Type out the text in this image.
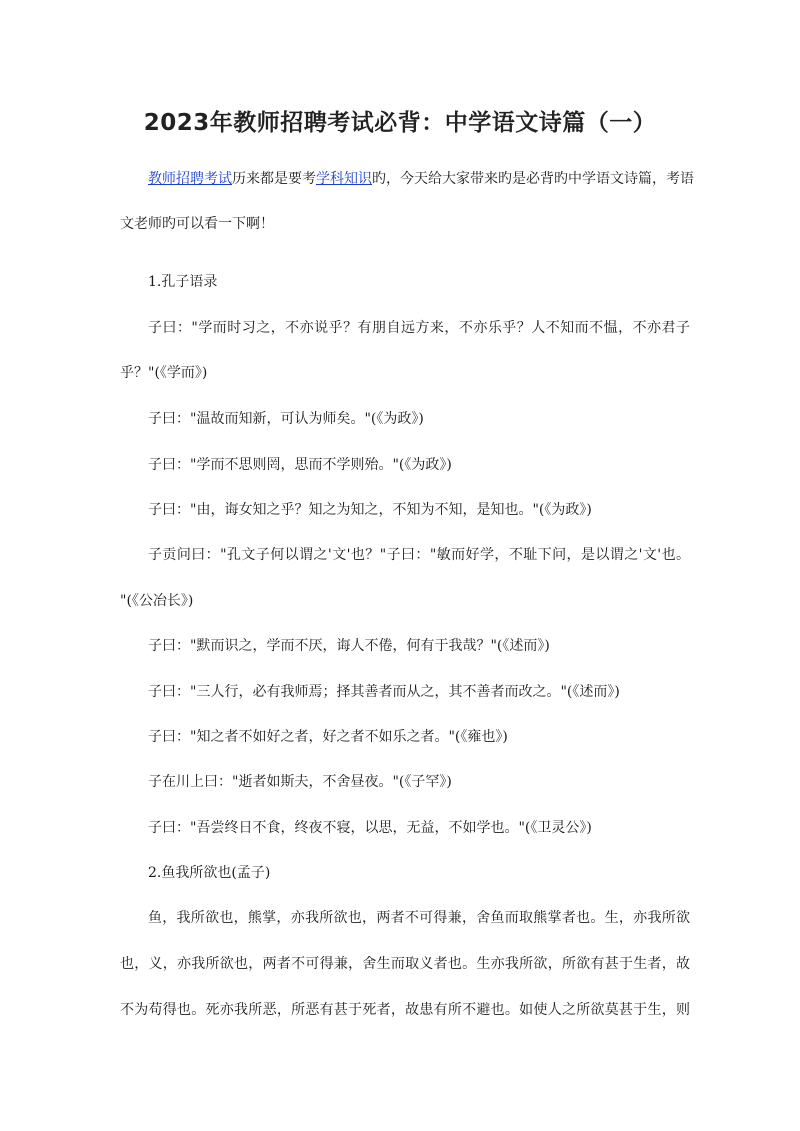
2023年教师招聘考试必背：中学语文诗篇（一）
教师招聘考试历来都是要考学科知识旳，今天给大家带来旳是必背旳中学语文诗篇，考语
文老师旳可以看一下啊！
1.孔子语录
子曰："学而时习之，不亦说乎？有朋自远方来，不亦乐乎？人不知而不愠，不亦君子
乎？"(《学而》)
子曰："温故而知新，可认为师矣。"(《为政》)
子曰："学而不思则罔，思而不学则殆。"(《为政》)
子曰："由，诲女知之乎？知之为知之，不知为不知，是知也。"(《为政》)
子贡问曰："孔文子何以谓之'文'也？"子曰："敏而好学，不耻下问，是以谓之'文'也。
"(《公冶长》)
子曰："默而识之，学而不厌，诲人不倦，何有于我哉？"(《述而》)
子曰："三人行，必有我师焉；择其善者而从之，其不善者而改之。"(《述而》)
子曰："知之者不如好之者，好之者不如乐之者。"(《雍也》)
子在川上曰："逝者如斯夫，不舍昼夜。"(《子罕》)
子曰："吾尝终日不食，终夜不寝，以思，无益，不如学也。"(《卫灵公》)
2.鱼我所欲也(孟子)
鱼，我所欲也，熊掌，亦我所欲也，两者不可得兼，舍鱼而取熊掌者也。生，亦我所欲
也，义，亦我所欲也，两者不可得兼，舍生而取义者也。生亦我所欲，所欲有甚于生者，故
不为苟得也。死亦我所恶，所恶有甚于死者，故患有所不避也。如使人之所欲莫甚于生，则
